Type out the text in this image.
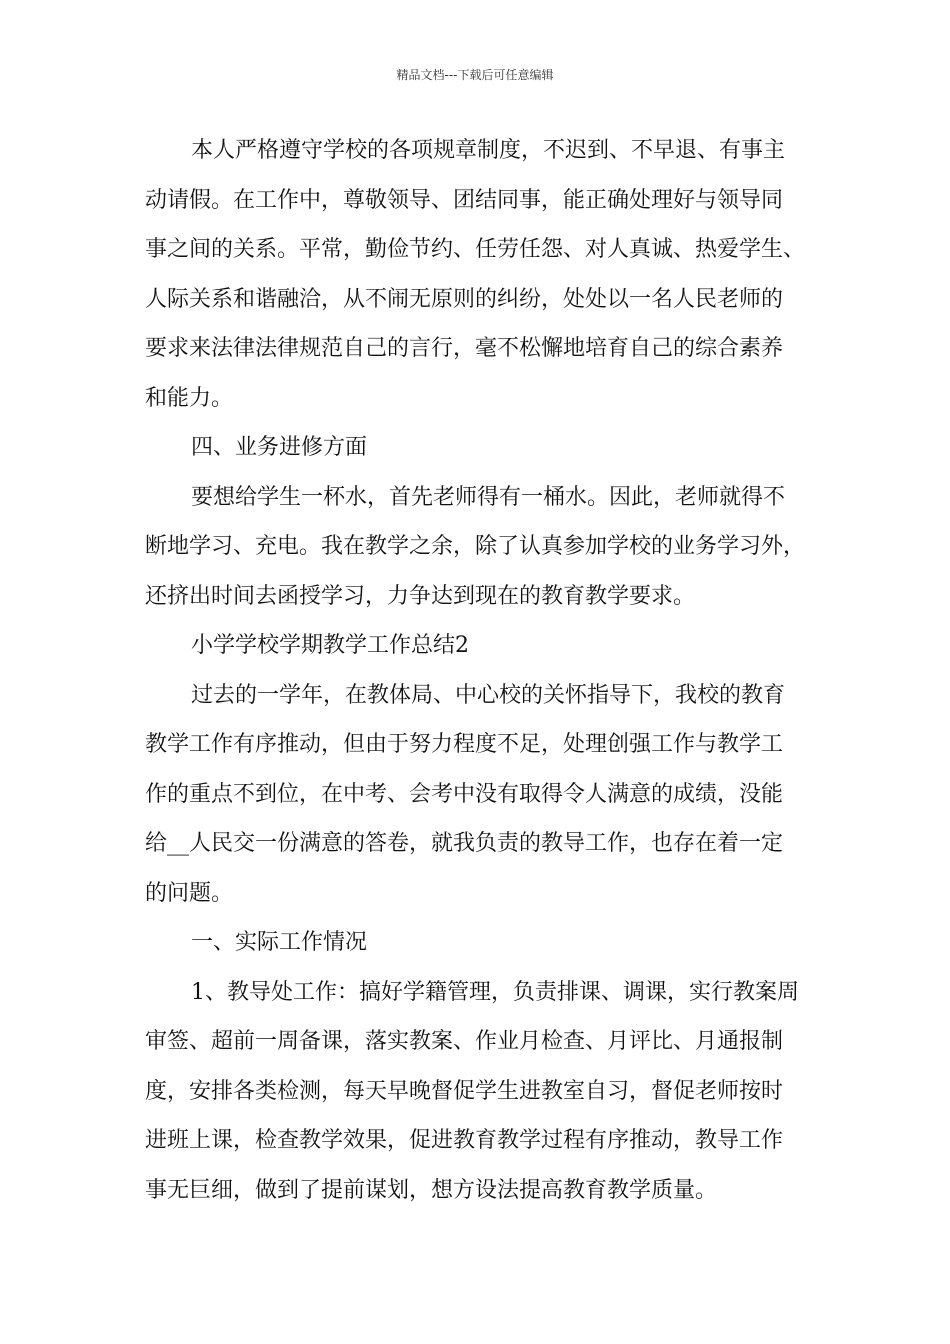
精品文档---下载后可任意编辑

本人严格遵守学校的各项规章制度，不迟到、不早退、有事主
动请假。在工作中，尊敬领导、团结同事，能正确处理好与领导同
事之间的关系。平常，勤俭节约、任劳任怨、对人真诚、热爱学生、
人际关系和谐融洽，从不闹无原则的纠纷，处处以一名人民老师的
要求来法律法律规范自己的言行，毫不松懈地培育自己的综合素养
和能力。

四、业务进修方面

要想给学生一杯水，首先老师得有一桶水。因此，老师就得不
断地学习、充电。我在教学之余，除了认真参加学校的业务学习外，
还挤出时间去函授学习，力争达到现在的教育教学要求。

小学学校学期教学工作总结2

过去的一学年，在教体局、中心校的关怀指导下，我校的教育
教学工作有序推动，但由于努力程度不足，处理创强工作与教学工
作的重点不到位，在中考、会考中没有取得令人满意的成绩，没能
给__人民交一份满意的答卷，就我负责的教导工作，也存在着一定
的问题。

一、实际工作情况

1、教导处工作：搞好学籍管理，负责排课、调课，实行教案周
审签、超前一周备课，落实教案、作业月检查、月评比、月通报制
度，安排各类检测，每天早晚督促学生进教室自习，督促老师按时
进班上课，检查教学效果，促进教育教学过程有序推动，教导工作
事无巨细，做到了提前谋划，想方设法提高教育教学质量。
